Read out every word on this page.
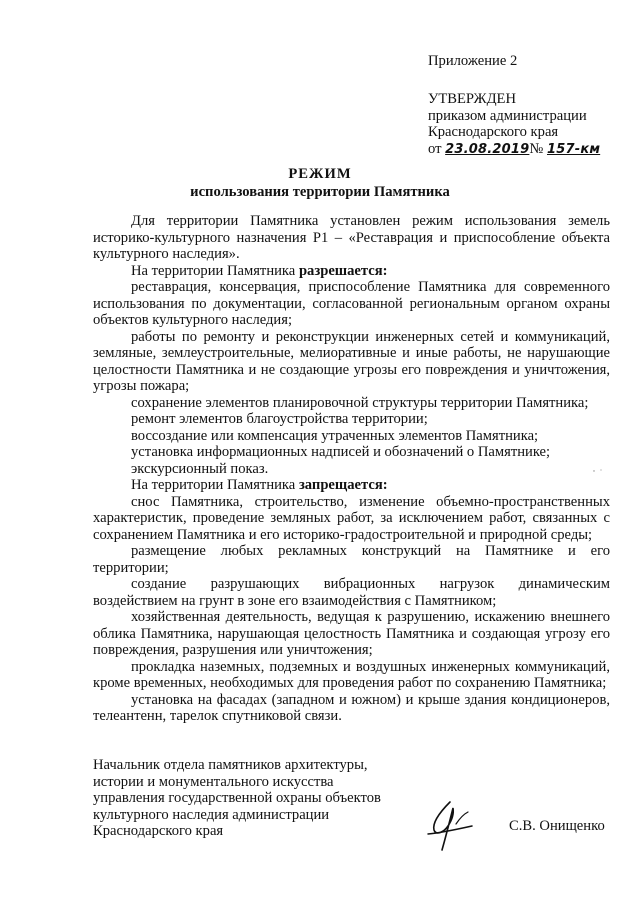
Приложение 2
УТВЕРЖДЕН
приказом администрации
Краснодарского края
от 23.08.2019№ 157-км
РЕЖИМ
использования территории Памятника

Для территории Памятника установлен режим использования земель историко-культурного назначения Р1 – «Реставрация и приспособление объекта культурного наследия».

На территории Памятника разрешается:

реставрация, консервация, приспособление Памятника для современного использования по документации, согласованной региональным органом охраны объектов культурного наследия;

работы по ремонту и реконструкции инженерных сетей и коммуникаций, земляные, землеустроительные, мелиоративные и иные работы, не нарушающие целостности Памятника и не создающие угрозы его повреждения и уничтожения, угрозы пожара;

сохранение элементов планировочной структуры территории Памятника;

ремонт элементов благоустройства территории;

воссоздание или компенсация утраченных элементов Памятника;

установка информационных надписей и обозначений о Памятнике;

экскурсионный показ.

На территории Памятника запрещается:

снос Памятника, строительство, изменение объемно-пространственных характеристик, проведение земляных работ, за исключением работ, связанных с сохранением Памятника и его историко-градостроительной и природной среды;

размещение любых рекламных конструкций на Памятнике и его территории;

создание разрушающих вибрационных нагрузок динамическим воздействием на грунт в зоне его взаимодействия с Памятником;

хозяйственная деятельность, ведущая к разрушению, искажению внешнего облика Памятника, нарушающая целостность Памятника и создающая угрозу его повреждения, разрушения или уничтожения;

прокладка наземных, подземных и воздушных инженерных коммуникаций, кроме временных, необходимых для проведения работ по сохранению Памятника;

установка на фасадах (западном и южном) и крыше здания кондиционеров, телеантенн, тарелок спутниковой связи.

Начальник отдела памятников архитектуры,
истории и монументального искусства
управления государственной охраны объектов
культурного наследия администрации
Краснодарского края	С.В. Онищенко
